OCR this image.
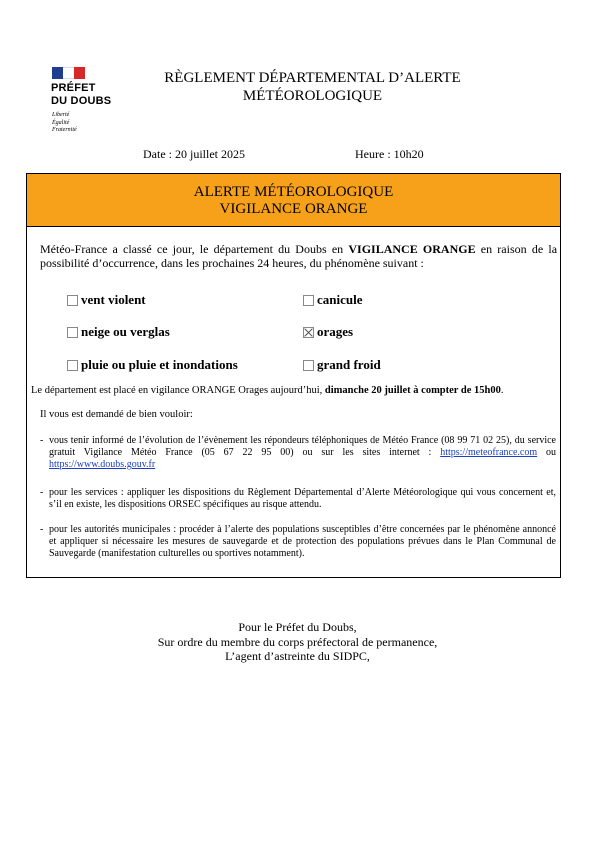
PRÉFET
DU DOUBS
Liberté
Égalité
Fraternité
RÈGLEMENT DÉPARTEMENTAL D’ALERTE
MÉTÉOROLOGIQUE
Date : 20 juillet 2025	Heure : 10h20
ALERTE MÉTÉOROLOGIQUE
VIGILANCE ORANGE
Météo-France a classé ce jour, le département du Doubs en VIGILANCE ORANGE en raison de la possibilité d’occurrence, dans les prochaines 24 heures, du phénomène suivant :
vent violent	canicule
neige ou verglas	orages
pluie ou pluie et inondations	grand froid
Le département est placé en vigilance ORANGE Orages aujourd’hui, dimanche 20 juillet à compter de 15h00.
Il vous est demandé de bien vouloir:
- vous tenir informé de l’évolution de l’évènement les répondeurs téléphoniques de Météo France (08 99 71 02 25), du service gratuit Vigilance Météo France (05 67 22 95 00) ou sur les sites internet : https://meteofrance.com ou https://www.doubs.gouv.fr
- pour les services : appliquer les dispositions du Règlement Départemental d’Alerte Météorologique qui vous concernent et, s’il en existe, les dispositions ORSEC spécifiques au risque attendu.
- pour les autorités municipales : procéder à l’alerte des populations susceptibles d’être concernées par le phénomène annoncé et appliquer si nécessaire les mesures de sauvegarde et de protection des populations prévues dans le Plan Communal de Sauvegarde (manifestation culturelles ou sportives notamment).
Pour le Préfet du Doubs,
Sur ordre du membre du corps préfectoral de permanence,
L’agent d’astreinte du SIDPC,
